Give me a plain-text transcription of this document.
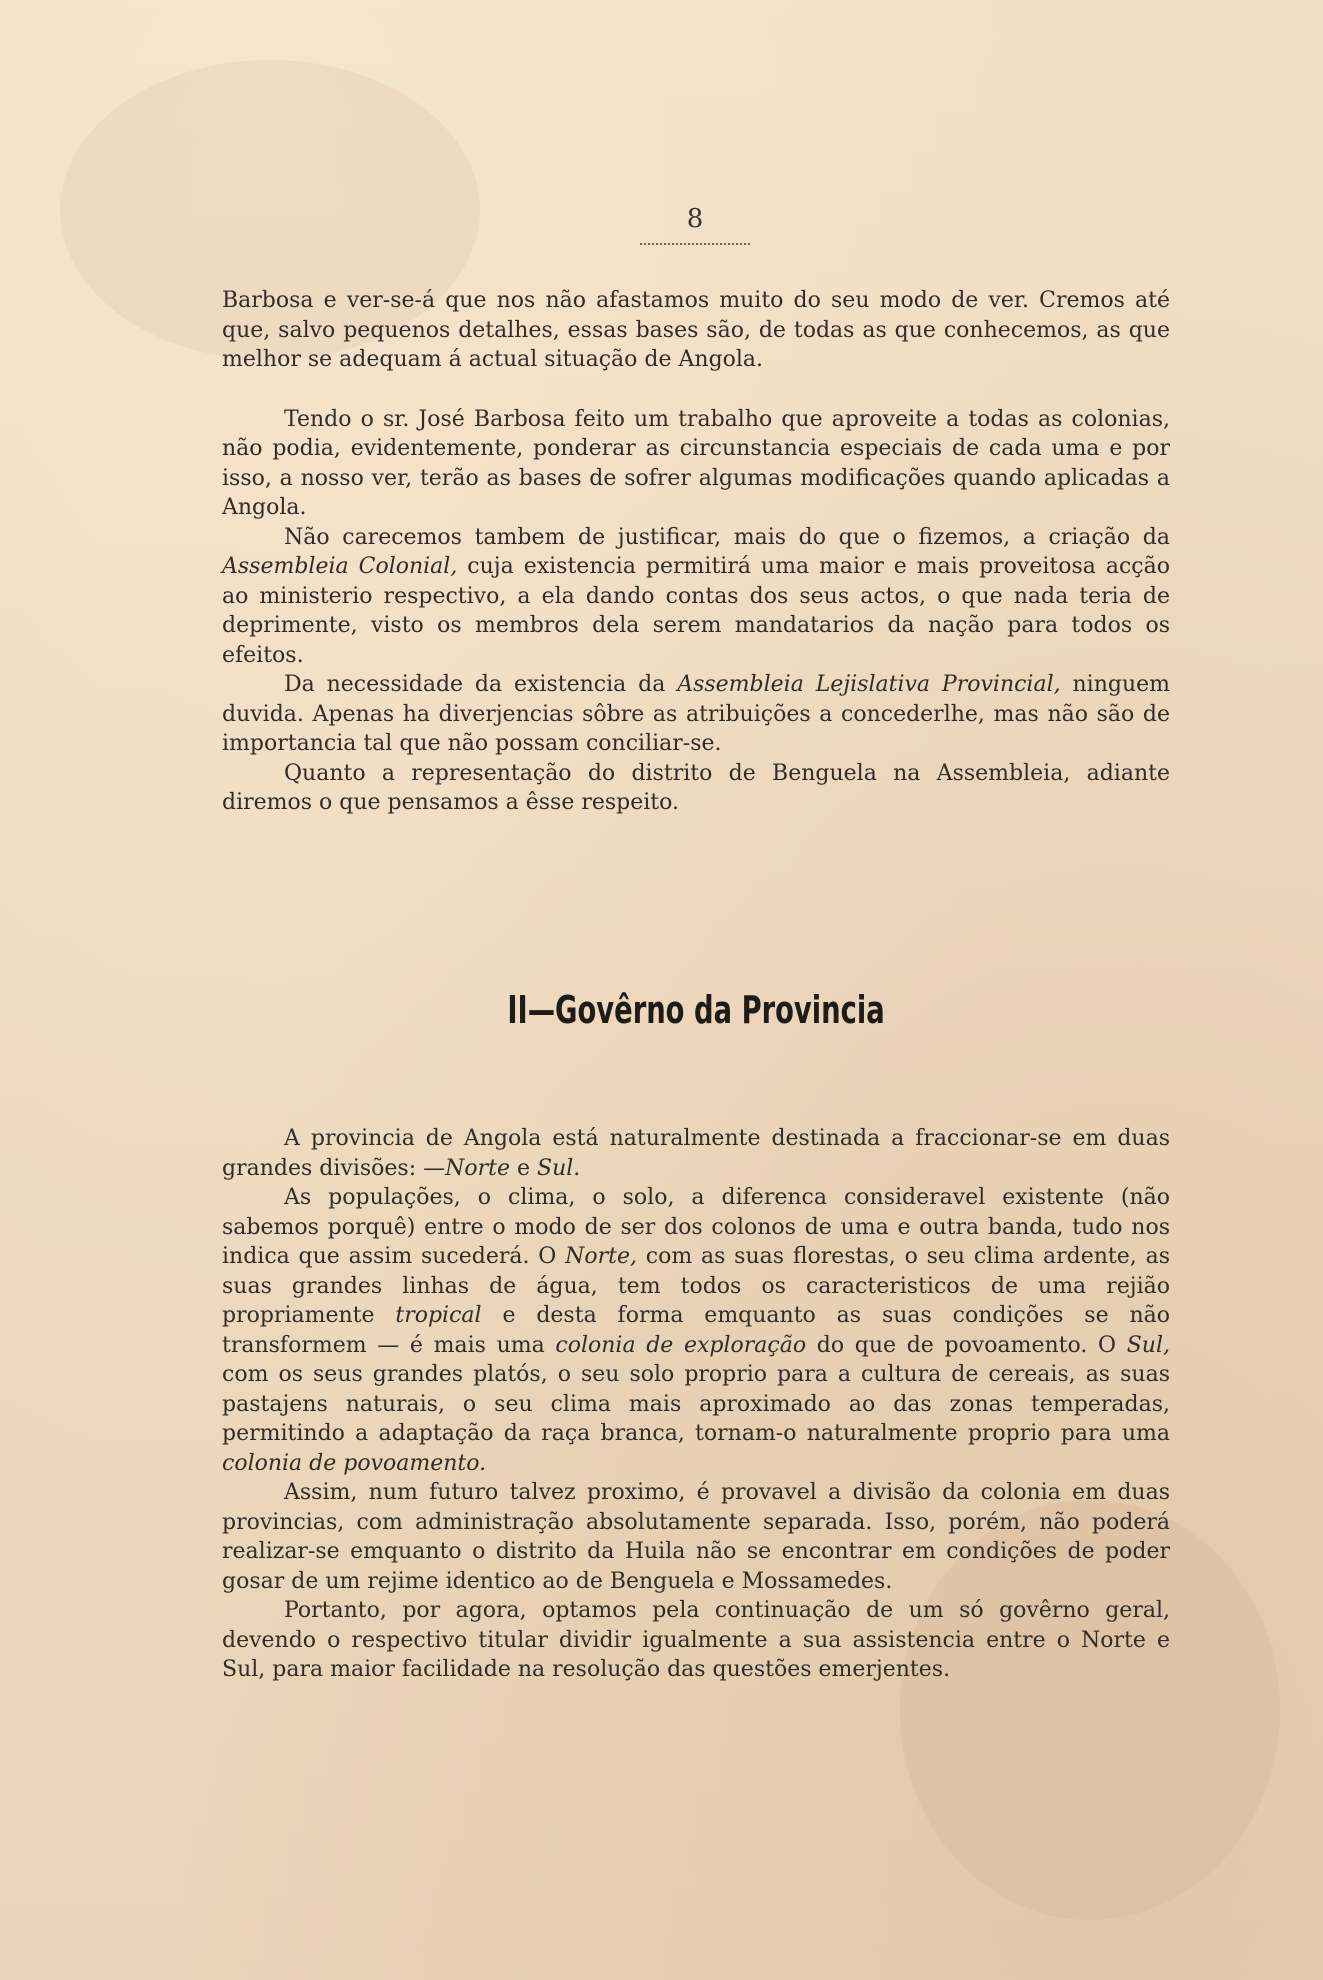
8

Barbosa e ver-se-á que nos não afastamos muito do seu modo de ver. Cremos até que, salvo pequenos detalhes, essas bases são, de todas as que conhecemos, as que melhor se adequam á actual situação de Angola.

Tendo o sr. José Barbosa feito um trabalho que aproveite a todas as colonias, não podia, evidentemente, ponderar as circunstancia especiais de cada uma e por isso, a nosso ver, terão as bases de sofrer algumas modificações quando aplicadas a Angola.

Não carecemos tambem de justificar, mais do que o fizemos, a criação da Assembleia Colonial, cuja existencia permitirá uma maior e mais proveitosa acção ao ministerio respectivo, a ela dando contas dos seus actos, o que nada teria de deprimente, visto os membros dela serem mandatarios da nação para todos os efeitos.

Da necessidade da existencia da Assembleia Lejislativa Provincial, ninguem duvida. Apenas ha diverjencias sôbre as atribuições a concederlhe, mas não são de importancia tal que não possam conciliar-se.

Quanto a representação do distrito de Benguela na Assembleia, adiante diremos o que pensamos a êsse respeito.

II—Govêrno da Provincia

A provincia de Angola está naturalmente destinada a fraccionar-se em duas grandes divisões: —Norte e Sul.

As populações, o clima, o solo, a diferenca consideravel existente (não sabemos porquê) entre o modo de ser dos colonos de uma e outra banda, tudo nos indica que assim sucederá. O Norte, com as suas florestas, o seu clima ardente, as suas grandes linhas de água, tem todos os caracteristicos de uma rejião propriamente tropical e desta forma emquanto as suas condições se não transformem — é mais uma colonia de exploração do que de povoamento. O Sul, com os seus grandes platós, o seu solo proprio para a cultura de cereais, as suas pastajens naturais, o seu clima mais aproximado ao das zonas temperadas, permitindo a adaptação da raça branca, tornam-o naturalmente proprio para uma colonia de povoamento.

Assim, num futuro talvez proximo, é provavel a divisão da colonia em duas provincias, com administração absolutamente separada. Isso, porém, não poderá realizar-se emquanto o distrito da Huila não se encontrar em condições de poder gosar de um rejime identico ao de Benguela e Mossamedes.

Portanto, por agora, optamos pela continuação de um só govêrno geral, devendo o respectivo titular dividir igualmente a sua assistencia entre o Norte e Sul, para maior facilidade na resolução das questões emerjentes.
